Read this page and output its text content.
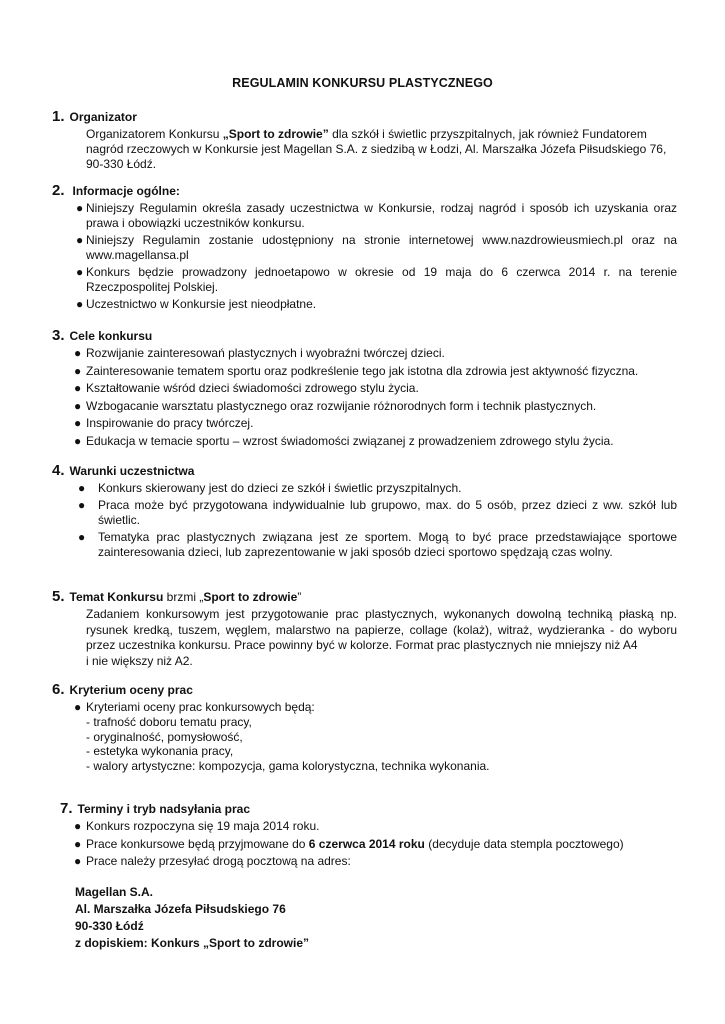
REGULAMIN KONKURSU PLASTYCZNEGO
1. Organizator
Organizatorem Konkursu „Sport to zdrowie” dla szkół i świetlic przyszpitalnych, jak również Fundatorem nagród rzeczowych w Konkursie jest Magellan S.A. z siedzibą w Łodzi, Al. Marszałka Józefa Piłsudskiego 76, 90-330 Łódź.
2. Informacje ogólne:
● Niniejszy Regulamin określa zasady uczestnictwa w Konkursie, rodzaj nagród i sposób ich uzyskania oraz prawa i obowiązki uczestników konkursu.
● Niniejszy Regulamin zostanie udostępniony na stronie internetowej www.nazdrowieusmiech.pl oraz na www.magellansa.pl
● Konkurs będzie prowadzony jednoetapowo w okresie od 19 maja do 6 czerwca 2014 r. na terenie Rzeczpospolitej Polskiej.
● Uczestnictwo w Konkursie jest nieodpłatne.
3. Cele konkursu
● Rozwijanie zainteresowań plastycznych i wyobraźni twórczej dzieci.
● Zainteresowanie tematem sportu oraz podkreślenie tego jak istotna dla zdrowia jest aktywność fizyczna.
● Kształtowanie wśród dzieci świadomości zdrowego stylu życia.
● Wzbogacanie warsztatu plastycznego oraz rozwijanie różnorodnych form i technik plastycznych.
● Inspirowanie do pracy twórczej.
● Edukacja w temacie sportu – wzrost świadomości związanej z prowadzeniem zdrowego stylu życia.
4. Warunki uczestnictwa
● Konkurs skierowany jest do dzieci ze szkół i świetlic przyszpitalnych.
● Praca może być przygotowana indywidualnie lub grupowo, max. do 5 osób, przez dzieci z ww. szkół lub świetlic.
● Tematyka prac plastycznych związana jest ze sportem. Mogą to być prace przedstawiające sportowe zainteresowania dzieci, lub zaprezentowanie w jaki sposób dzieci sportowo spędzają czas wolny.
5. Temat Konkursu brzmi „Sport to zdrowie”
Zadaniem konkursowym jest przygotowanie prac plastycznych, wykonanych dowolną techniką płaską np. rysunek kredką, tuszem, węglem, malarstwo na papierze, collage (kolaż), witraż, wydzieranka - do wyboru przez uczestnika konkursu. Prace powinny być w kolorze. Format prac plastycznych nie mniejszy niż A4
i nie większy niż A2.
6. Kryterium oceny prac
● Kryteriami oceny prac konkursowych będą:
- trafność doboru tematu pracy,
- oryginalność, pomysłowość,
- estetyka wykonania pracy,
- walory artystyczne: kompozycja, gama kolorystyczna, technika wykonania.
7. Terminy i tryb nadsyłania prac
● Konkurs rozpoczyna się 19 maja 2014 roku.
● Prace konkursowe będą przyjmowane do 6 czerwca 2014 roku (decyduje data stempla pocztowego)
● Prace należy przesyłać drogą pocztową na adres:
Magellan S.A.
Al. Marszałka Józefa Piłsudskiego 76
90-330 Łódź
z dopiskiem: Konkurs „Sport to zdrowie”
